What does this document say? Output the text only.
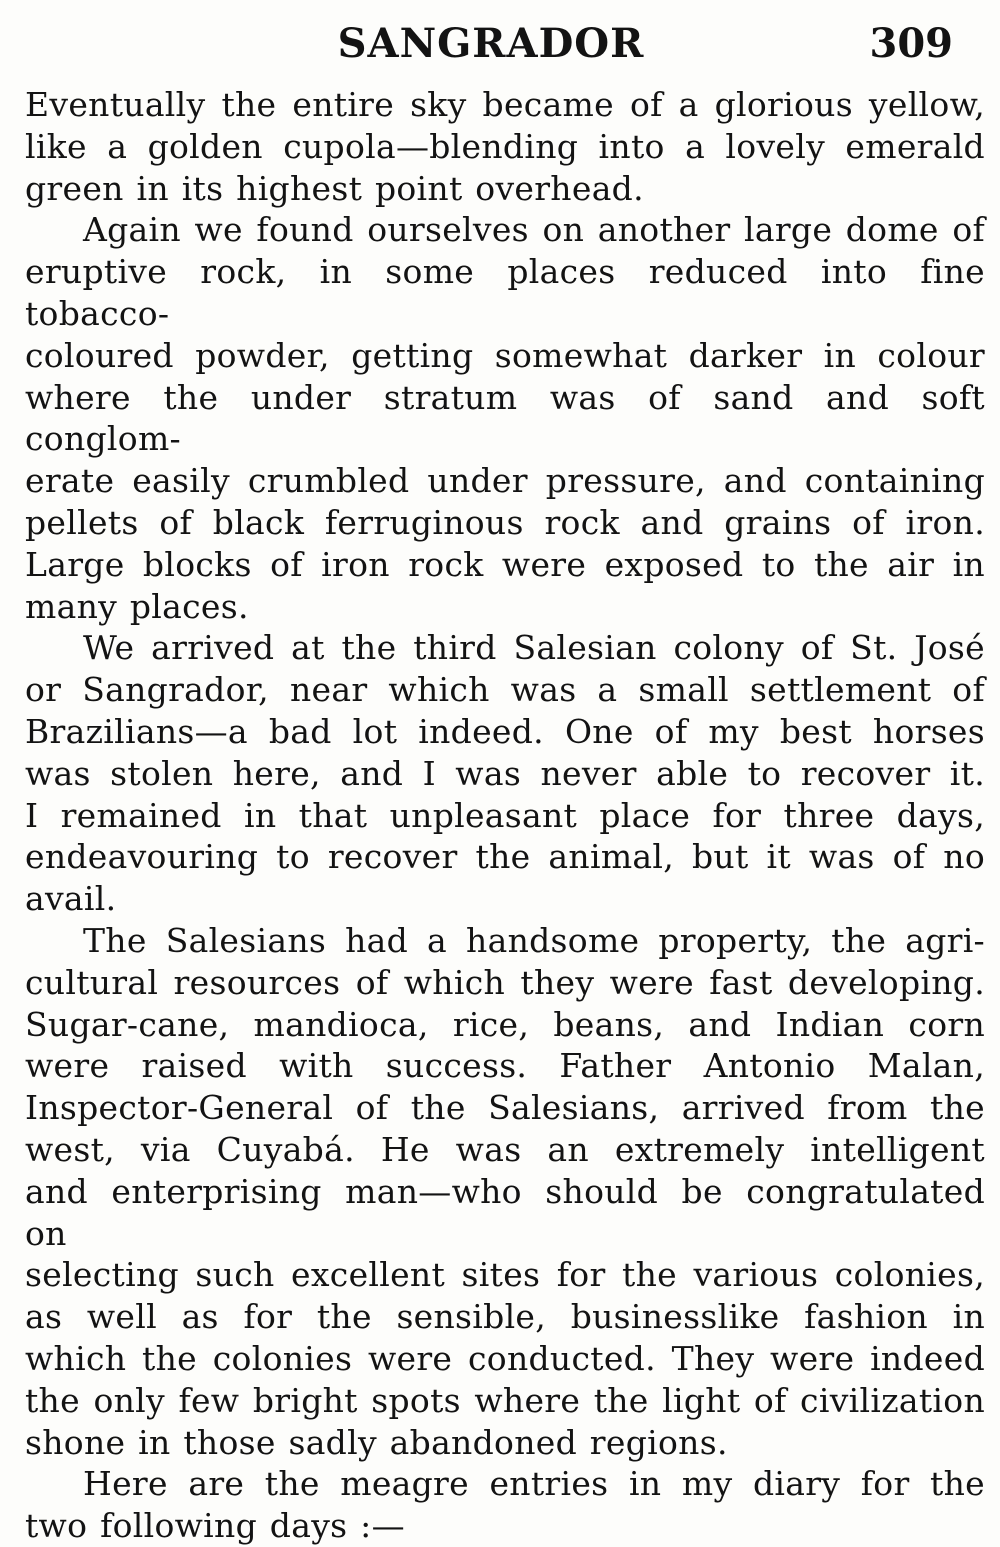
SANGRADOR	309

Eventually the entire sky became of a glorious yellow,
like a golden cupola—blending into a lovely emerald
green in its highest point overhead.

Again we found ourselves on another large dome of
eruptive rock, in some places reduced into fine tobacco-
coloured powder, getting somewhat darker in colour
where the under stratum was of sand and soft conglom-
erate easily crumbled under pressure, and containing
pellets of black ferruginous rock and grains of iron.
Large blocks of iron rock were exposed to the air in
many places.

We arrived at the third Salesian colony of St. José
or Sangrador, near which was a small settlement of
Brazilians—a bad lot indeed. One of my best horses
was stolen here, and I was never able to recover it.
I remained in that unpleasant place for three days,
endeavouring to recover the animal, but it was of no
avail.

The Salesians had a handsome property, the agri-
cultural resources of which they were fast developing.
Sugar-cane, mandioca, rice, beans, and Indian corn
were raised with success. Father Antonio Malan,
Inspector-General of the Salesians, arrived from the
west, via Cuyabá. He was an extremely intelligent
and enterprising man—who should be congratulated on
selecting such excellent sites for the various colonies,
as well as for the sensible, businesslike fashion in
which the colonies were conducted. They were indeed
the only few bright spots where the light of civilization
shone in those sadly abandoned regions.

Here are the meagre entries in my diary for the
two following days :—
